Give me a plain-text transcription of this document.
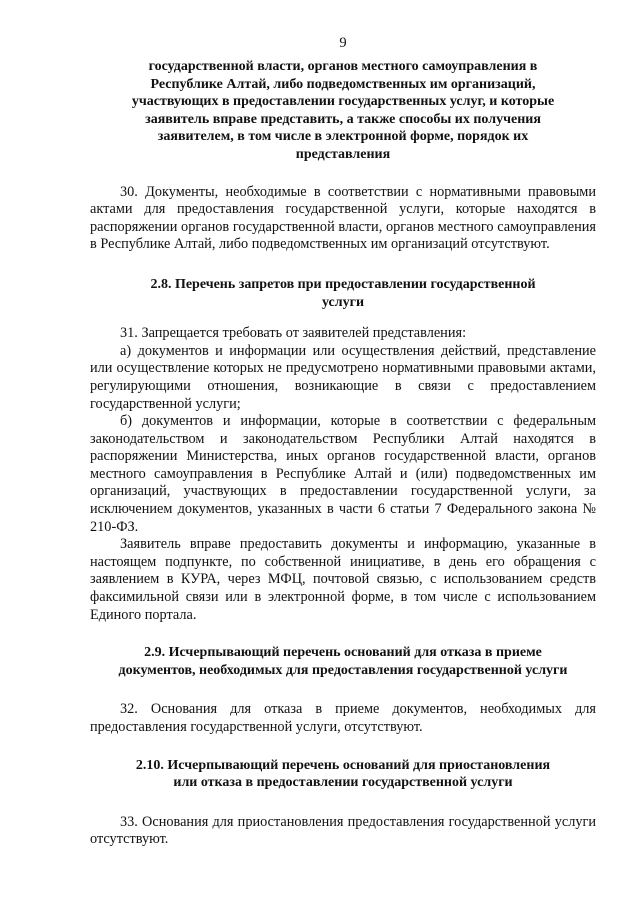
9
государственной власти, органов местного самоуправления в
Республике Алтай, либо подведомственных им организаций,
участвующих в предоставлении государственных услуг, и которые
заявитель вправе представить, а также способы их получения
заявителем, в том числе в электронной форме, порядок их
представления

30. Документы, необходимые в соответствии с нормативными правовыми актами для предоставления государственной услуги, которые находятся в распоряжении органов государственной власти, органов местного самоуправления в Республике Алтай, либо подведомственных им организаций отсутствуют.

2.8. Перечень запретов при предоставлении государственной
услуги

31. Запрещается требовать от заявителей представления:

а) документов и информации или осуществления действий, представление или осуществление которых не предусмотрено нормативными правовыми актами, регулирующими отношения, возникающие в связи с предоставлением государственной услуги;

б) документов и информации, которые в соответствии с федеральным законодательством и законодательством Республики Алтай находятся в распоряжении Министерства, иных органов государственной власти, органов местного самоуправления в Республике Алтай и (или) подведомственных им организаций, участвующих в предоставлении государственной услуги, за исключением документов, указанных в части 6 статьи 7 Федерального закона № 210-ФЗ.

Заявитель вправе предоставить документы и информацию, указанные в настоящем подпункте, по собственной инициативе, в день его обращения с заявлением в КУРА, через МФЦ, почтовой связью, с использованием средств факсимильной связи или в электронной форме, в том числе с использованием Единого портала.

2.9. Исчерпывающий перечень оснований для отказа в приеме
документов, необходимых для предоставления государственной услуги

32. Основания для отказа в приеме документов, необходимых для предоставления государственной услуги, отсутствуют.

2.10. Исчерпывающий перечень оснований для приостановления
или отказа в предоставлении государственной услуги

33. Основания для приостановления предоставления государственной услуги отсутствуют.
